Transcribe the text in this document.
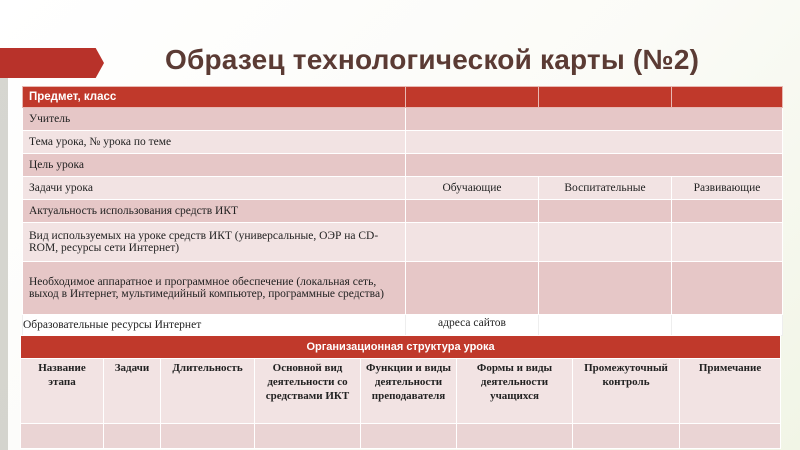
Образец технологической карты (№2)
Предмет, класс			
Учитель			
Тема урока, № урока по теме			
Цель урока			
Задачи урока	Обучающие	Воспитательные	Развивающие
Актуальность использования средств ИКТ			
Вид используемых на уроке средств ИКТ (универсальные, ОЭР на CD-ROM, ресурсы сети Интернет)			
Необходимое аппаратное и программное обеспечение (локальная сеть, выход в Интернет, мультимедийный компьютер, программные средства)			
Образовательные ресурсы Интернет	адреса сайтов		
Организационная структура урока							
Название этапа	Задачи	Длительность	Основной вид деятельности со средствами ИКТ	Функции и виды деятельности преподавателя	Формы и виды деятельности учащихся	Промежуточный контроль	Примечание
